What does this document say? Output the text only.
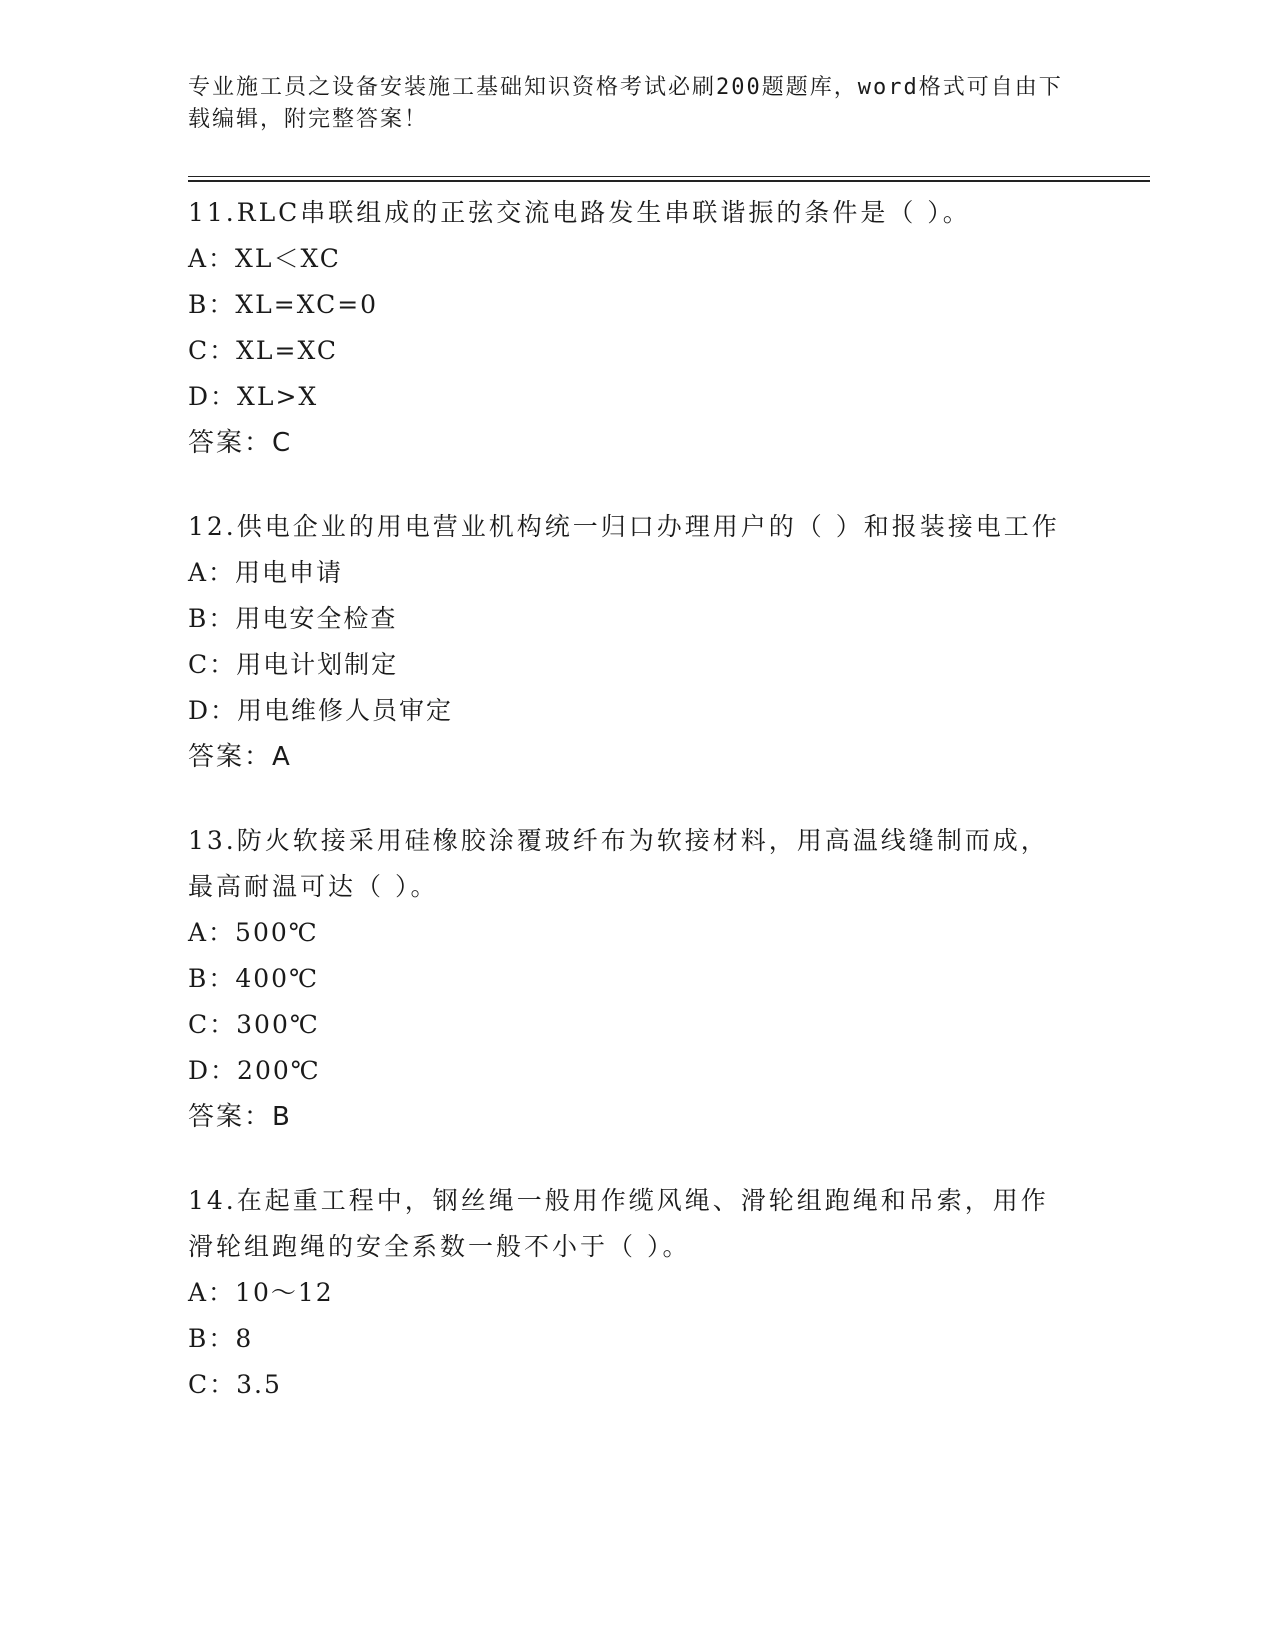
专业施工员之设备安装施工基础知识资格考试必刷200题题库，word格式可自由下载编辑，附完整答案！

11.RLC串联组成的正弦交流电路发生串联谐振的条件是（ ）。

A：XL＜XC

B：XL=XC=0

C：XL=XC

D：XL>X

答案：C

12.供电企业的用电营业机构统一归口办理用户的（ ）和报装接电工作

A：用电申请

B：用电安全检查

C：用电计划制定

D：用电维修人员审定

答案：A

13.防火软接采用硅橡胶涂覆玻纤布为软接材料，用高温线缝制而成，最高耐温可达（ ）。

A：500℃

B：400℃

C：300℃

D：200℃

答案：B

14.在起重工程中，钢丝绳一般用作缆风绳、滑轮组跑绳和吊索，用作滑轮组跑绳的安全系数一般不小于（ ）。

A：10～12

B：8

C：3.5
